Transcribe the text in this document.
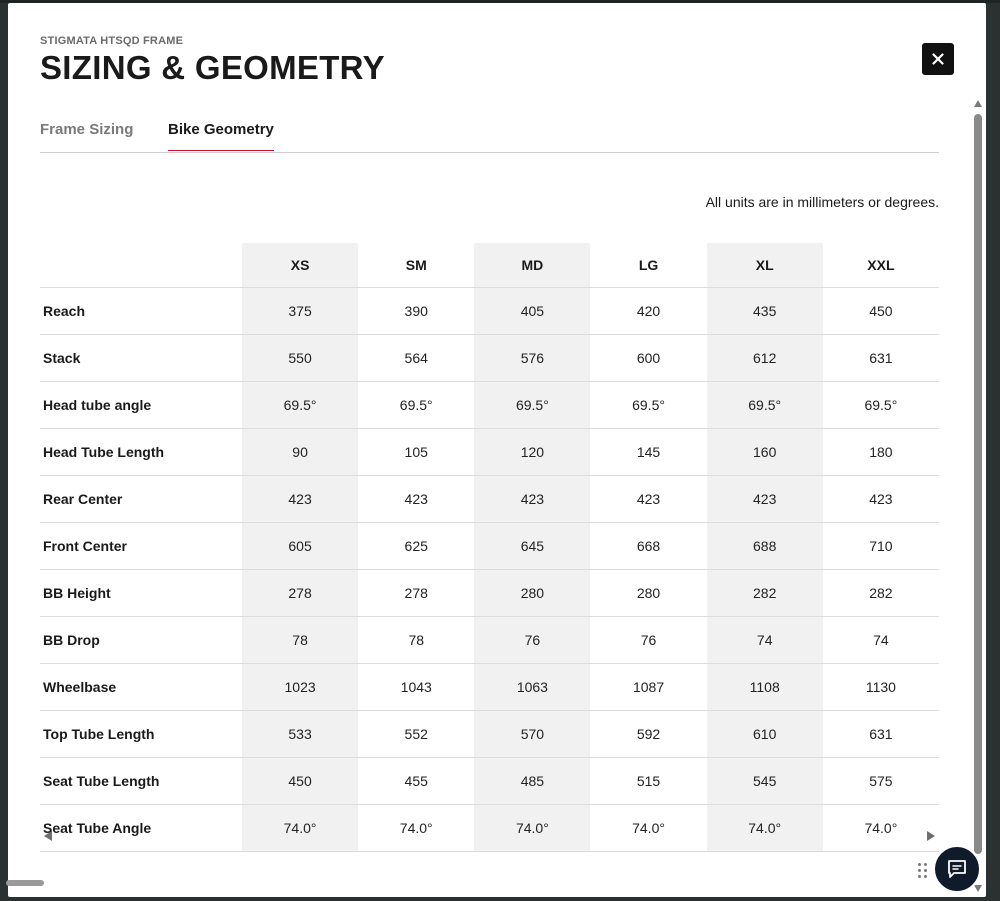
STIGMATA HTSQD FRAME
SIZING & GEOMETRY
Frame Sizing Bike Geometry
All units are in millimeters or degrees.
	XS	SM	MD	LG	XL	XXL
Reach	375	390	405	420	435	450
Stack	550	564	576	600	612	631
Head tube angle	69.5°	69.5°	69.5°	69.5°	69.5°	69.5°
Head Tube Length	90	105	120	145	160	180
Rear Center	423	423	423	423	423	423
Front Center	605	625	645	668	688	710
BB Height	278	278	280	280	282	282
BB Drop	78	78	76	76	74	74
Wheelbase	1023	1043	1063	1087	1108	1130
Top Tube Length	533	552	570	592	610	631
Seat Tube Length	450	455	485	515	545	575
Seat Tube Angle	74.0°	74.0°	74.0°	74.0°	74.0°	74.0°
